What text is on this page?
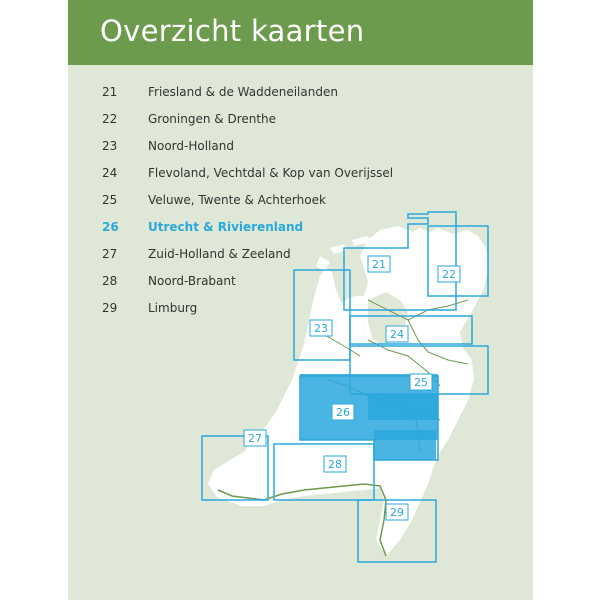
Overzicht kaarten
21	Friesland & de Waddeneilanden
22	Groningen & Drenthe
23	Noord-Holland
24	Flevoland, Vechtdal & Kop van Overijssel
25	Veluwe, Twente & Achterhoek
26 Utrecht & Rivierenland
27	Zuid-Holland & Zeeland
28	Noord-Brabant
29	Limburg
21
22
23	24
25
26
27
28
29
